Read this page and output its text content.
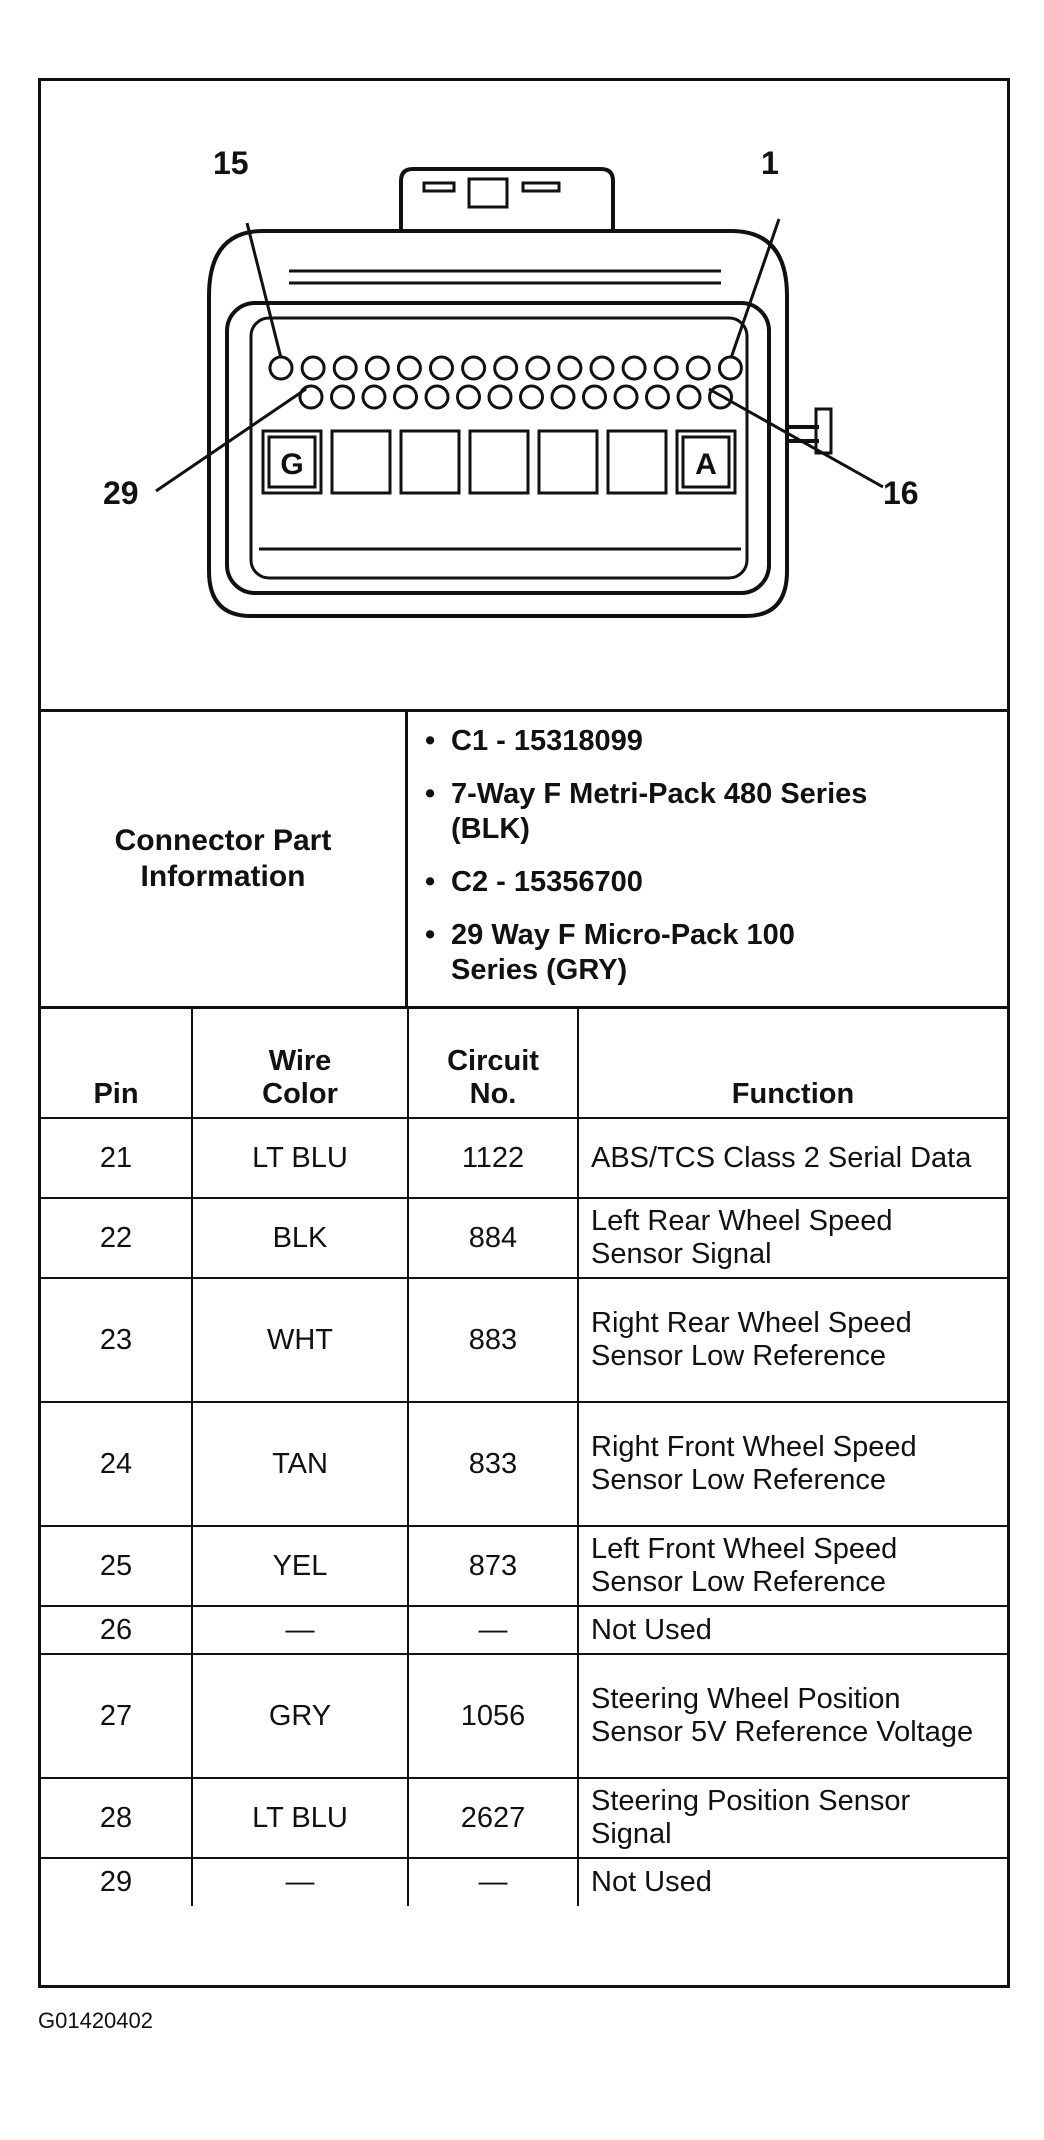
G	A
15	1
29	16
Connector Part Information
• C1 - 15318099
• 7-Way F Metri-Pack 480 Series (BLK)
• C2 - 15356700
• 29 Way F Micro-Pack 100 Series (GRY)
Pin	Wire Color	Circuit No.	Function
21	LT BLU	1122	ABS/TCS Class 2 Serial Data

22	BLK	884	Left Rear Wheel Speed Sensor Signal

23	WHT	883	Right Rear Wheel Speed Sensor Low Reference

24	TAN	833	Right Front Wheel Speed Sensor Low Reference

25	YEL	873	Left Front Wheel Speed Sensor Low Reference

26	—	—	Not Used

27	GRY	1056	Steering Wheel Position Sensor 5V Reference Voltage

28	LT BLU	2627	Steering Position Sensor Signal

29	—	—	Not Used
G01420402
